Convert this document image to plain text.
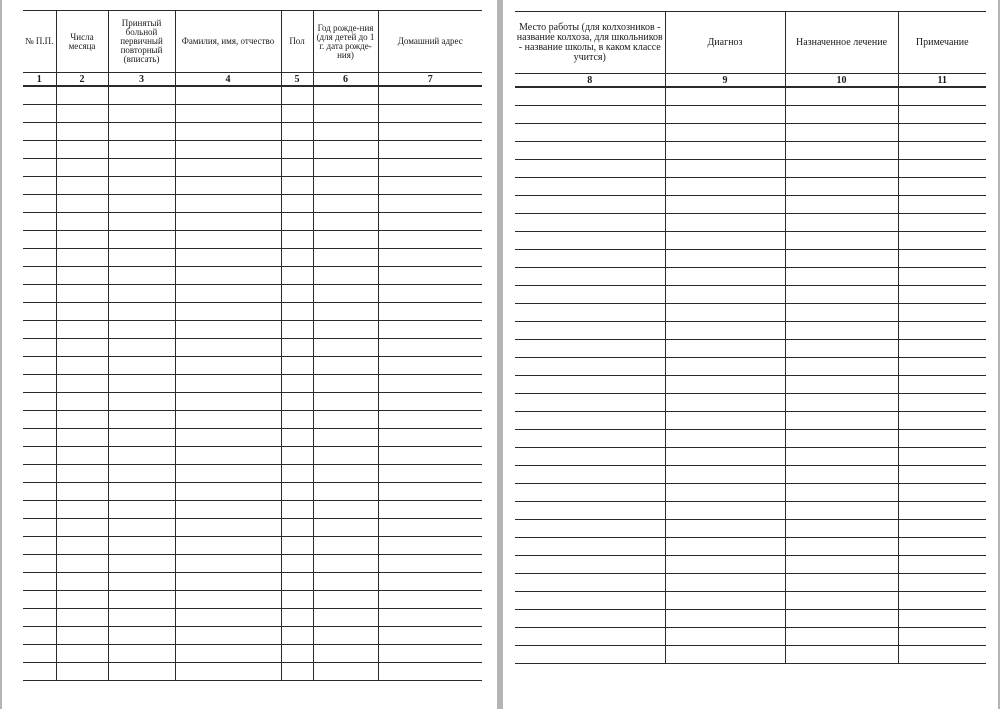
№ П.П.	Числа месяца	Принятый больной первичный повторный (вписать)	Фамилия, имя, отчество	Пол	Год рожде-ния (для детей до 1 г. дата рожде-ния)	Домашний адрес
1	2	3	4	5	6	7

Место работы (для колхозников - название колхоза, для школьников - название школы, в каком классе учится)	Диагноз	Назначенное лечение	Примечание
8	9	10	11
